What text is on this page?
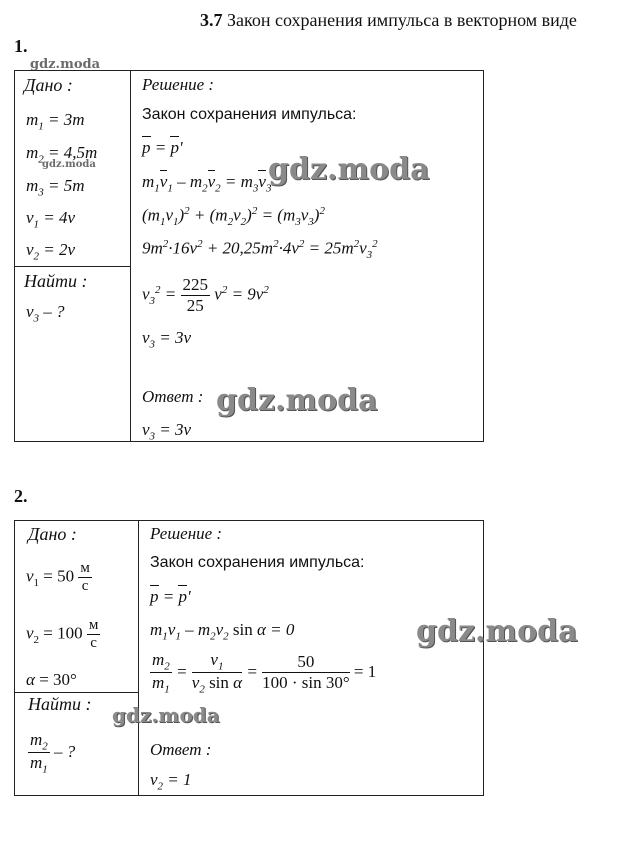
3.7 Закон сохранения импульса в векторном виде
1.
gdz.moda
Дано :
$m_1 = 3m$
$m_2 = 4,5m$
gdz.moda
$m_3 = 5m$
$v_1 = 4v$
$v_2 = 2v$
Найти :
$v_3$ – ?
Решение :
Закон сохранения импульса:
p = p'
$m_1v_1 - m_2v_2 = m_3v_3$
gdz.moda
$(m_1v_1)^2 + (m_2v_2)^2 = (m_3v_3)^2$
$9m^2\cdot 16v^2 + 20,25m^2\cdot 4v^2 = 25m^2v_3^2$
$v_3^2 = \frac{225}{25} v^2 = 9v^2$
$v_3 = 3v$
Ответ : gdz.moda
$v_3 = 3v$
2.
Дано :
$v_1 = 50 \frac{м}{с}$
$v_2 = 100 \frac{м}{с}$
α = 30°
Найти :
$\frac{m_2}{m_1}$ – ?
Решение :
Закон сохранения импульса:
p = p'
$m_1v_1 - m_2v_2$ sin α = 0	gdz.moda
$\frac{m_2}{m_1} = \frac{v_1}{v_2 \sin \alpha} = \frac{50}{100 \cdot \sin 30^\circ} = 1$
gdz.moda
Ответ :
$v_2 = 1$
